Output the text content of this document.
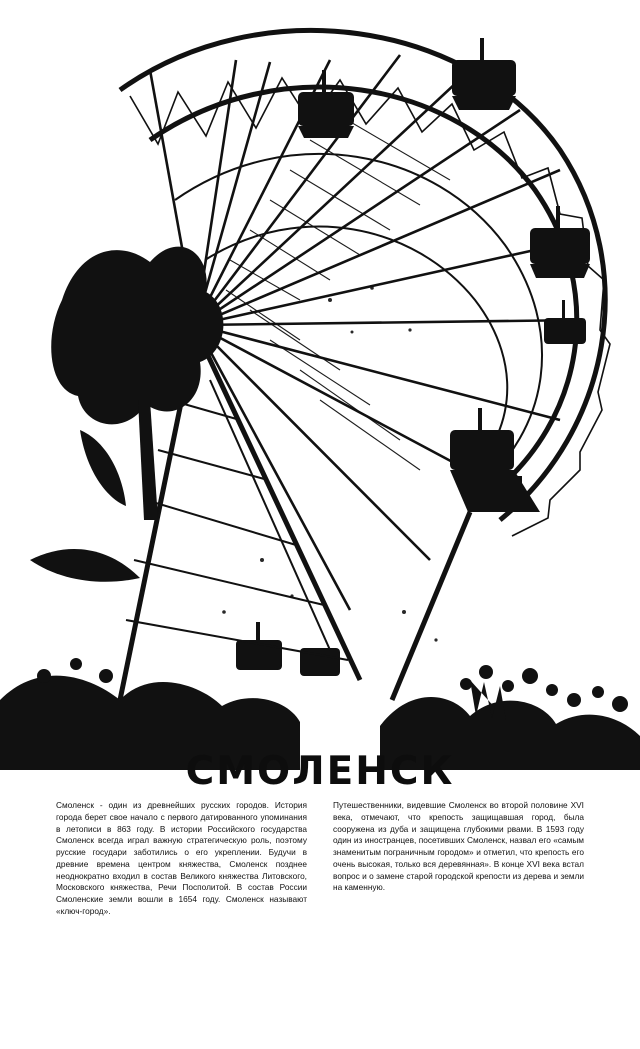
СМОЛЕНСК

Смоленск - один из древнейших русских городов. История города берет свое начало с первого датированного упоминания в летописи в 863 году. В истории Российского государства Смоленск всегда играл важную стратегическую роль, поэтому русские государи заботились о его укреплении. Будучи в древние времена центром княжества, Смоленск позднее неоднократно входил в состав Великого княжества Литовского, Московского княжества, Речи Посполитой. В состав России Смоленские земли вошли в 1654 году. Смоленск называют «ключ-город».

Путешественники, видевшие Смоленск во второй половине XVI века, отмечают, что крепость защищавшая город, была сооружена из дуба и защищена глубокими рвами. В 1593 году один из иностранцев, посетивших Смоленск, назвал его «самым знаменитым пограничным городом» и отметил, что крепость его очень высокая, только вся деревянная». В конце XVI века встал вопрос и о замене старой городской крепости из дерева и земли на каменную.
